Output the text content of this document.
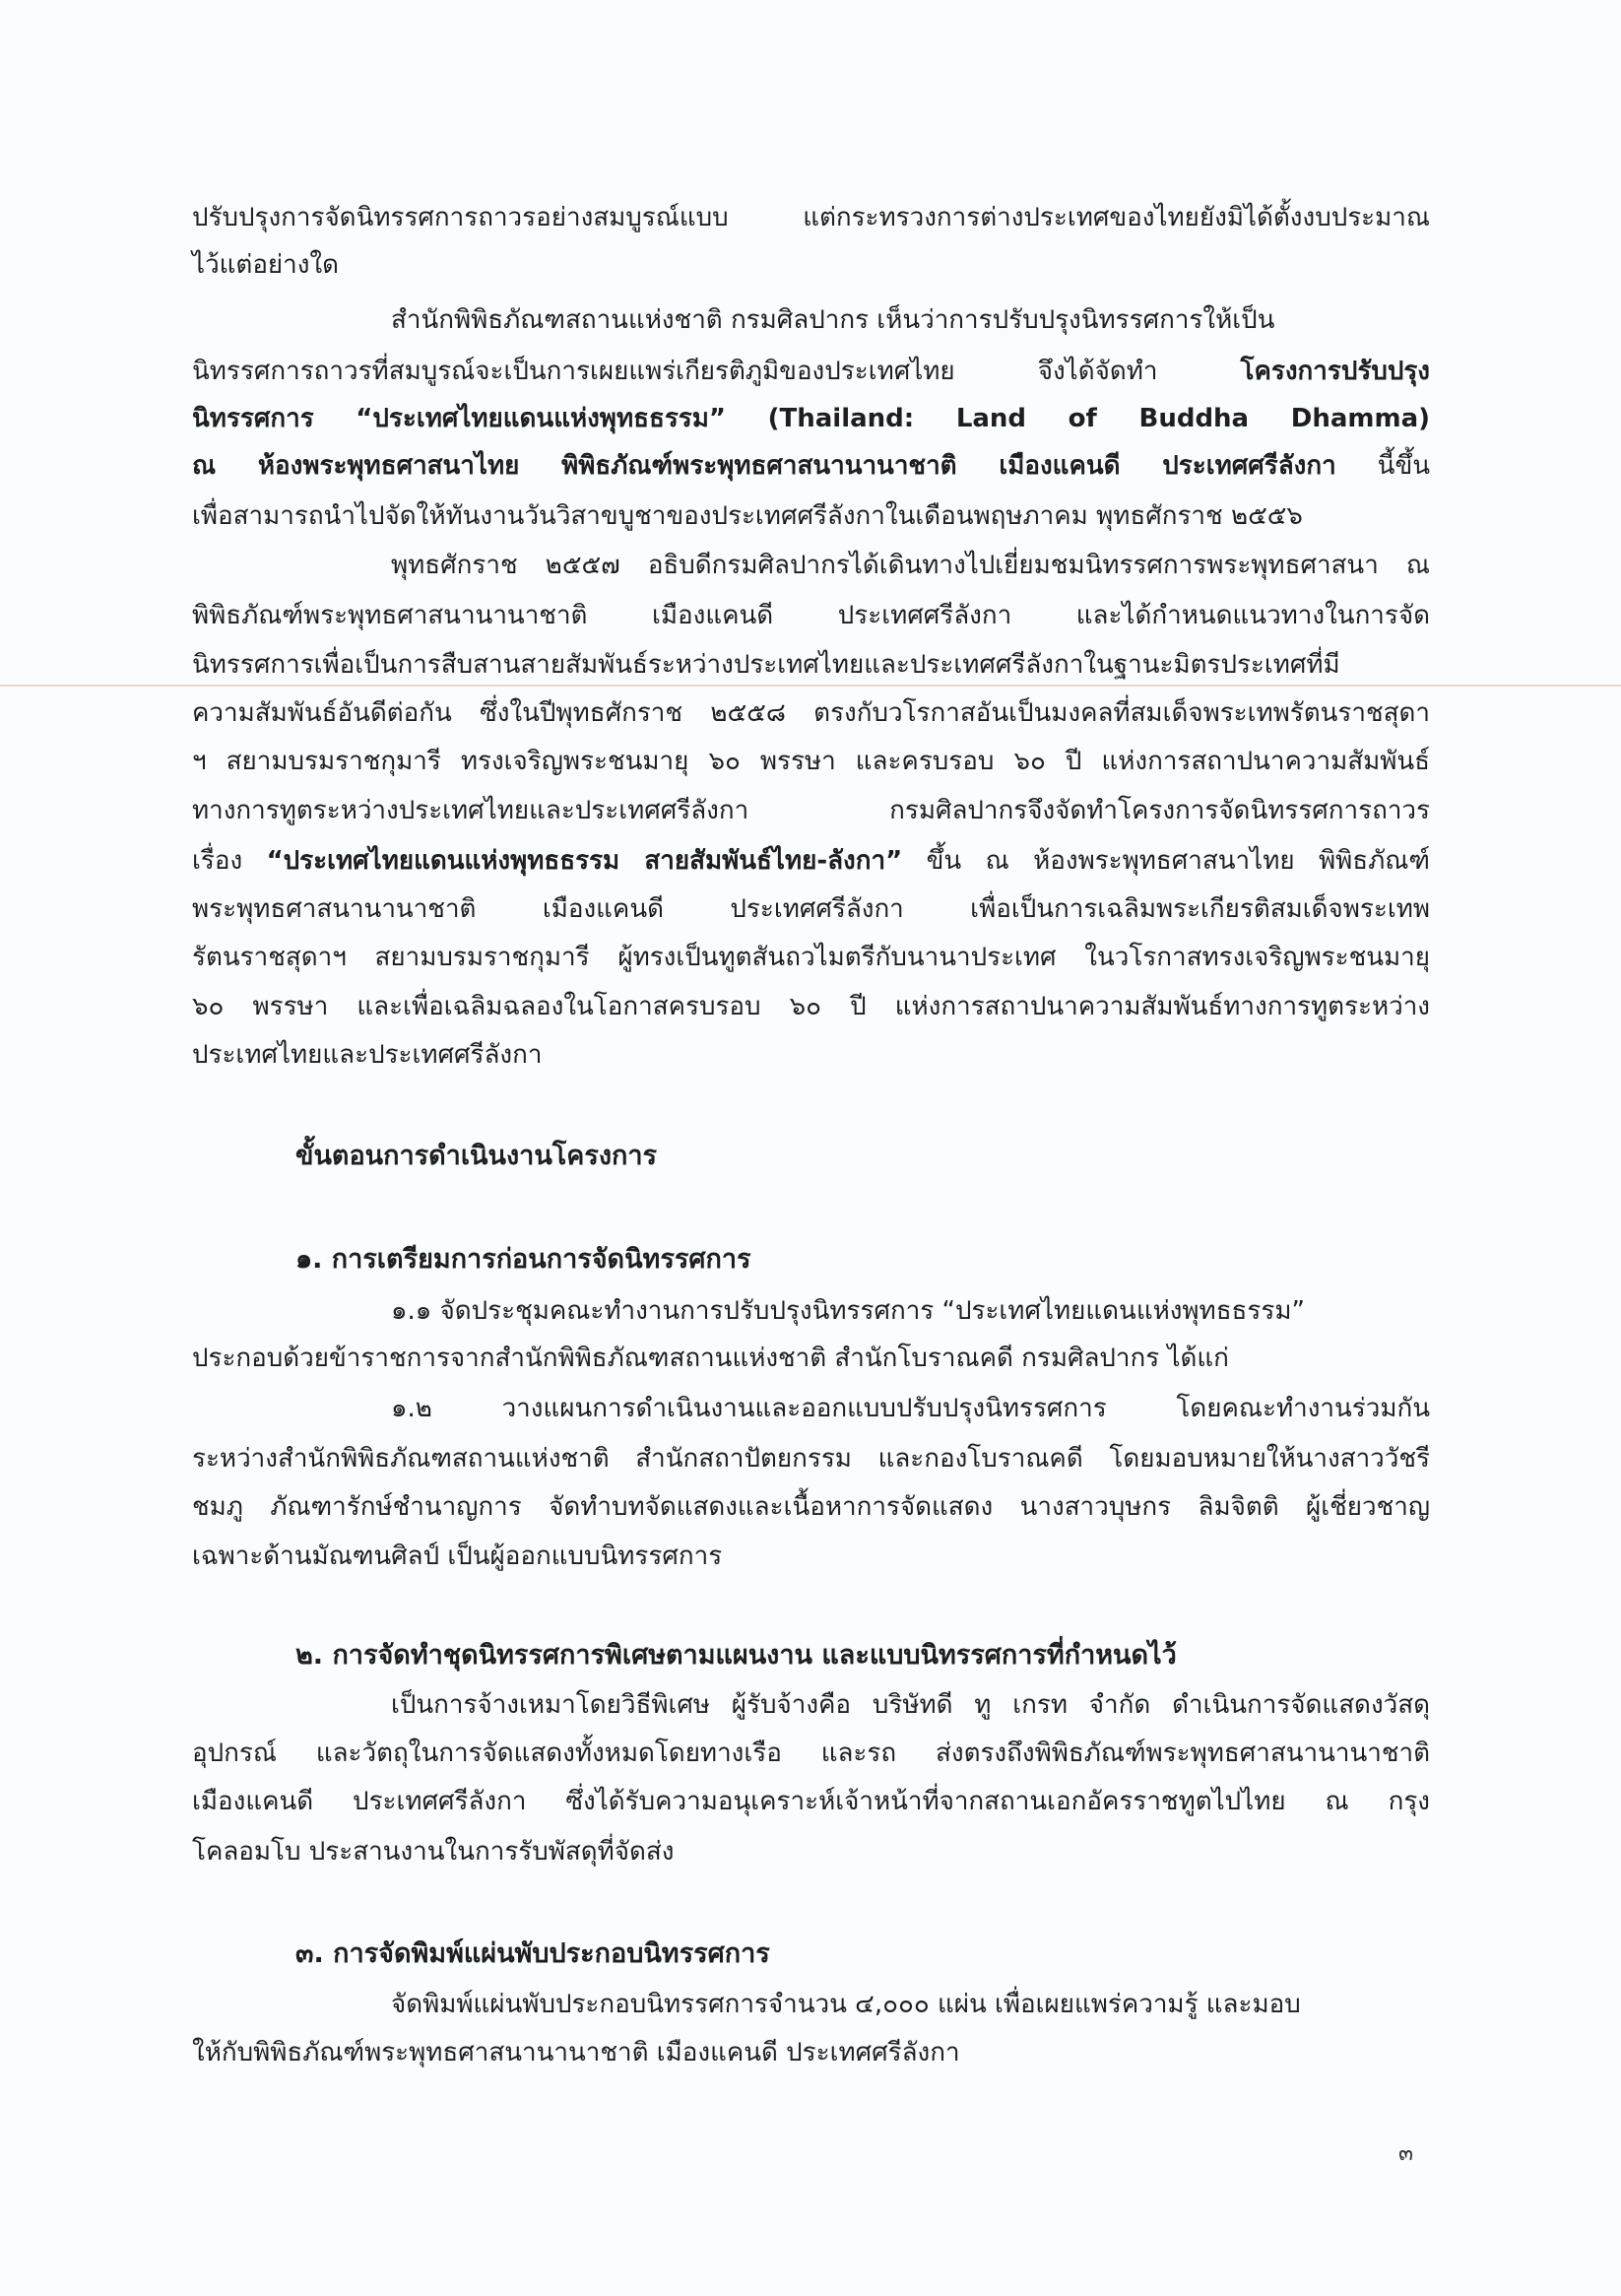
ปรับปรุงการจัดนิทรรศการถาวรอย่างสมบูรณ์แบบ แต่กระทรวงการต่างประเทศของไทยยังมิได้ตั้งงบประมาณ
ไว้แต่อย่างใด
สำนักพิพิธภัณฑสถานแห่งชาติ กรมศิลปากร เห็นว่าการปรับปรุงนิทรรศการให้เป็น
นิทรรศการถาวรที่สมบูรณ์จะเป็นการเผยแพร่เกียรติภูมิของประเทศไทย จึงได้จัดทำ โครงการปรับปรุง
นิทรรศการ “ประเทศไทยแดนแห่งพุทธธรรม” (Thailand: Land of Buddha Dhamma)
ณ ห้องพระพุทธศาสนาไทย พิพิธภัณฑ์พระพุทธศาสนานานาชาติ เมืองแคนดี ประเทศศรีลังกา นี้ขึ้น
เพื่อสามารถนำไปจัดให้ทันงานวันวิสาขบูชาของประเทศศรีลังกาในเดือนพฤษภาคม พุทธศักราช ๒๕๕๖
พุทธศักราช ๒๕๕๗ อธิบดีกรมศิลปากรได้เดินทางไปเยี่ยมชมนิทรรศการพระพุทธศาสนา ณ
พิพิธภัณฑ์พระพุทธศาสนานานาชาติ เมืองแคนดี ประเทศศรีลังกา และได้กำหนดแนวทางในการจัด
นิทรรศการเพื่อเป็นการสืบสานสายสัมพันธ์ระหว่างประเทศไทยและประเทศศรีลังกาในฐานะมิตรประเทศที่มี
ความสัมพันธ์อันดีต่อกัน ซึ่งในปีพุทธศักราช ๒๕๕๘ ตรงกับวโรกาสอันเป็นมงคลที่สมเด็จพระเทพรัตนราชสุดา
ฯ สยามบรมราชกุมารี ทรงเจริญพระชนมายุ ๖๐ พรรษา และครบรอบ ๖๐ ปี แห่งการสถาปนาความสัมพันธ์
ทางการทูตระหว่างประเทศไทยและประเทศศรีลังกา กรมศิลปากรจึงจัดทำโครงการจัดนิทรรศการถาวร
เรื่อง “ประเทศไทยแดนแห่งพุทธธรรม สายสัมพันธ์ไทย-ลังกา” ขึ้น ณ ห้องพระพุทธศาสนาไทย พิพิธภัณฑ์
พระพุทธศาสนานานาชาติ เมืองแคนดี ประเทศศรีลังกา เพื่อเป็นการเฉลิมพระเกียรติสมเด็จพระเทพ
รัตนราชสุดาฯ สยามบรมราชกุมารี ผู้ทรงเป็นทูตสันถวไมตรีกับนานาประเทศ ในวโรกาสทรงเจริญพระชนมายุ
๖๐ พรรษา และเพื่อเฉลิมฉลองในโอกาสครบรอบ ๖๐ ปี แห่งการสถาปนาความสัมพันธ์ทางการทูตระหว่าง
ประเทศไทยและประเทศศรีลังกา
ขั้นตอนการดำเนินงานโครงการ
๑. การเตรียมการก่อนการจัดนิทรรศการ
๑.๑ จัดประชุมคณะทำงานการปรับปรุงนิทรรศการ “ประเทศไทยแดนแห่งพุทธธรรม”
ประกอบด้วยข้าราชการจากสำนักพิพิธภัณฑสถานแห่งชาติ สำนักโบราณคดี กรมศิลปากร ได้แก่
๑.๒ วางแผนการดำเนินงานและออกแบบปรับปรุงนิทรรศการ โดยคณะทำงานร่วมกัน
ระหว่างสำนักพิพิธภัณฑสถานแห่งชาติ สำนักสถาปัตยกรรม และกองโบราณคดี โดยมอบหมายให้นางสาววัชรี
ชมภู ภัณฑารักษ์ชำนาญการ จัดทำบทจัดแสดงและเนื้อหาการจัดแสดง นางสาวบุษกร ลิมจิตติ ผู้เชี่ยวชาญ
เฉพาะด้านมัณฑนศิลป์ เป็นผู้ออกแบบนิทรรศการ
๒. การจัดทำชุดนิทรรศการพิเศษตามแผนงาน และแบบนิทรรศการที่กำหนดไว้
เป็นการจ้างเหมาโดยวิธีพิเศษ ผู้รับจ้างคือ บริษัทดี ทู เกรท จำกัด ดำเนินการจัดแสดงวัสดุ
อุปกรณ์ และวัตถุในการจัดแสดงทั้งหมดโดยทางเรือ และรถ ส่งตรงถึงพิพิธภัณฑ์พระพุทธศาสนานานาชาติ
เมืองแคนดี ประเทศศรีลังกา ซึ่งได้รับความอนุเคราะห์เจ้าหน้าที่จากสถานเอกอัครราชทูตไปไทย ณ กรุง
โคลอมโบ ประสานงานในการรับพัสดุที่จัดส่ง
๓. การจัดพิมพ์แผ่นพับประกอบนิทรรศการ
จัดพิมพ์แผ่นพับประกอบนิทรรศการจำนวน ๔,๐๐๐ แผ่น เพื่อเผยแพร่ความรู้ และมอบ
ให้กับพิพิธภัณฑ์พระพุทธศาสนานานาชาติ เมืองแคนดี ประเทศศรีลังกา
๓
